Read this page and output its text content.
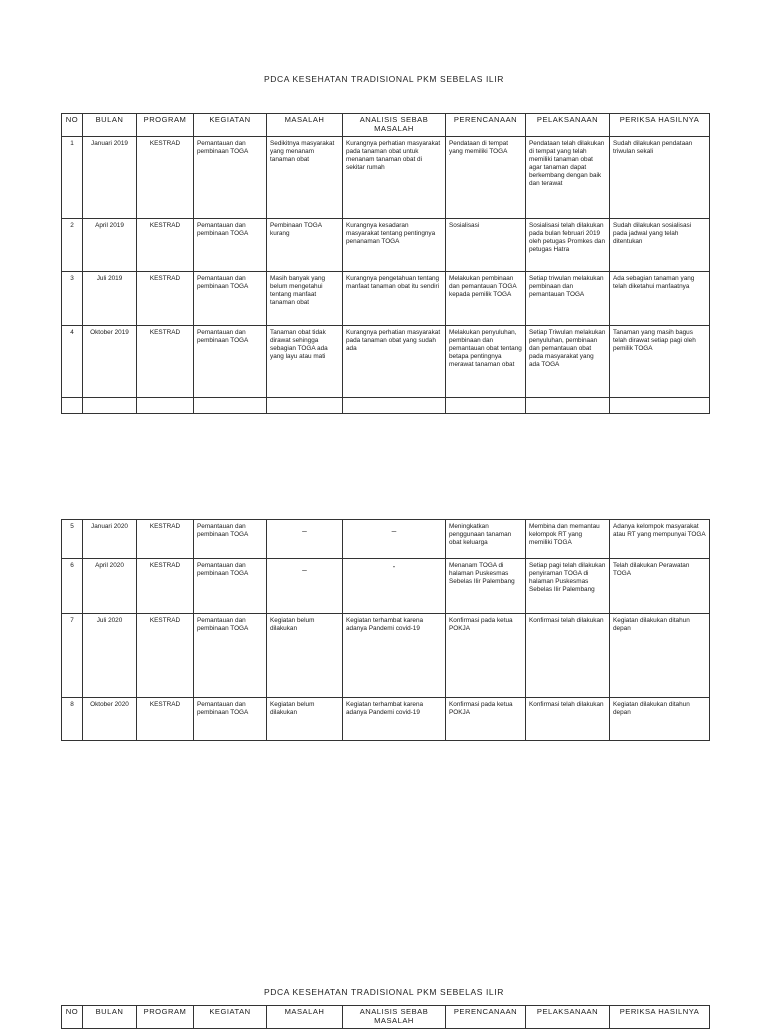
PDCA KESEHATAN TRADISIONAL PKM SEBELAS ILIR
NO	BULAN	PROGRAM	KEGIATAN	MASALAH	ANALISIS SEBAB MASALAH	PERENCANAAN	PELAKSANAAN	PERIKSA HASILNYA
1	Januari 2019	KESTRAD	Pemantauan dan pembinaan TOGA	Sedikitnya masyarakat yang menanam tanaman obat	Kurangnya perhatian masyarakat pada tanaman obat untuk menanam tanaman obat di sekitar rumah	Pendataan di tempat yang memiliki TOGA	Pendataan telah dilakukan di tempat yang telah memiliki tanaman obat agar tanaman dapat berkembang dengan baik dan terawat	Sudah dilakukan pendataan triwulan sekali
2	April 2019	KESTRAD	Pemantauan dan pembinaan TOGA	Pembinaan TOGA kurang	Kurangnya kesadaran masyarakat tentang pentingnya penanaman TOGA	Sosialisasi	Sosialisasi telah dilakukan pada bulan februari 2019 oleh petugas Promkes dan petugas Hatra	Sudah dilakukan sosialisasi pada jadwal yang telah ditentukan
3	Juli 2019	KESTRAD	Pemantauan dan pembinaan TOGA	Masih banyak yang belum mengetahui tentang manfaat tanaman obat	Kurangnya pengetahuan tentang manfaat tanaman obat itu sendiri	Melakukan pembinaan dan pemantauan TOGA kepada pemilik TOGA	Setiap triwulan melakukan pembinaan dan pemantauan TOGA	Ada sebagian tanaman yang telah diketahui manfaatnya
4	Oktober 2019	KESTRAD	Pemantauan dan pembinaan TOGA	Tanaman obat tidak dirawat sehingga sebagian TOGA ada yang layu atau mati	Kurangnya perhatian masyarakat pada tanaman obat yang sudah ada	Melakukan penyuluhan, pembinaan dan pemantauan obat tentang betapa pentingnya merawat tanaman obat	Setiap Triwulan melakukan penyuluhan, pembinaan dan pemantauan obat pada masyarakat yang ada TOGA	Tanaman yang masih bagus telah dirawat setiap pagi oleh pemilik TOGA

5	Januari 2020	KESTRAD	Pemantauan dan pembinaan TOGA	_	_	Meningkatkan penggunaan tanaman obat keluarga	Membina dan memantau kelompok RT yang memiliki TOGA	Adanya kelompok masyarakat atau RT yang mempunyai TOGA
6	April 2020	KESTRAD	Pemantauan dan pembinaan TOGA	_	-	Menanam TOGA di halaman Puskesmas Sebelas Ilir Palembang	Setiap pagi telah dilakukan penyiraman TOGA di halaman Puskesmas Sebelas Ilir Palembang	Telah dilakukan Perawatan TOGA
7	Juli 2020	KESTRAD	Pemantauan dan pembinaan TOGA	Kegiatan belum dilakukan	Kegiatan terhambat karena adanya Pandemi covid-19	Konfirmasi pada ketua POKJA	Konfirmasi telah dilakukan	Kegiatan dilakukan ditahun depan
8	Oktober 2020	KESTRAD	Pemantauan dan pembinaan TOGA	Kegiatan belum dilakukan	Kegiatan terhambat karena adanya Pandemi covid-19	Konfirmasi pada ketua POKJA	Konfirmasi telah dilakukan	Kegiatan dilakukan ditahun depan
PDCA KESEHATAN TRADISIONAL PKM SEBELAS ILIR
NO	BULAN	PROGRAM	KEGIATAN	MASALAH	ANALISIS SEBAB MASALAH	PERENCANAAN	PELAKSANAAN	PERIKSA HASILNYA
